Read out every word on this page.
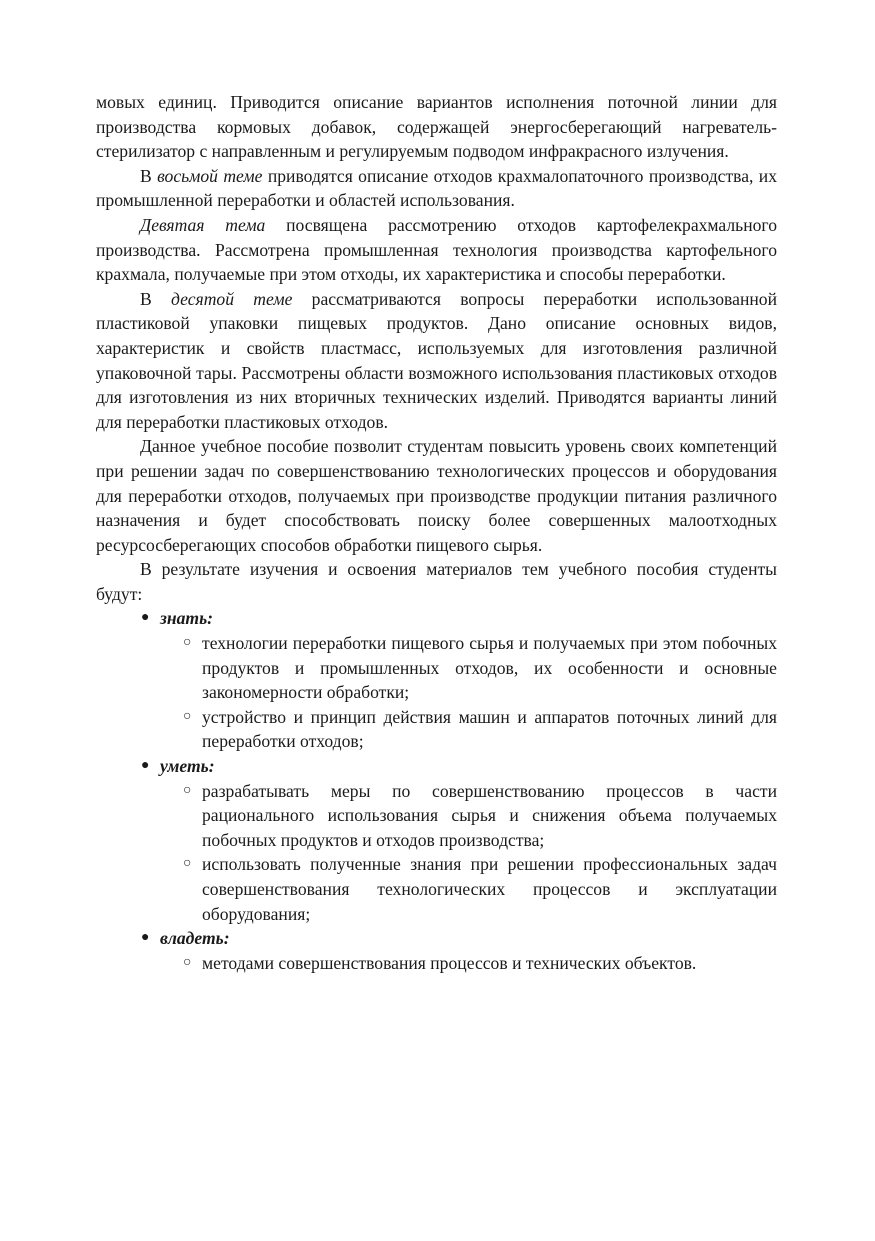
мовых единиц. Приводится описание вариантов исполнения поточной линии для производства кормовых добавок, содержащей энергосберегающий нагреватель-стерилизатор с направленным и регулируемым подводом инфракрасного излучения.

В восьмой теме приводятся описание отходов крахмалопаточного производства, их промышленной переработки и областей использования.

Девятая тема посвящена рассмотрению отходов картофелекрахмального производства. Рассмотрена промышленная технология производства картофельного крахмала, получаемые при этом отходы, их характеристика и способы переработки.

В десятой теме рассматриваются вопросы переработки использованной пластиковой упаковки пищевых продуктов. Дано описание основных видов, характеристик и свойств пластмасс, используемых для изготовления различной упаковочной тары. Рассмотрены области возможного использования пластиковых отходов для изготовления из них вторичных технических изделий. Приводятся варианты линий для переработки пластиковых отходов.

Данное учебное пособие позволит студентам повысить уровень своих компетенций при решении задач по совершенствованию технологических процессов и оборудования для переработки отходов, получаемых при производстве продукции питания различного назначения и будет способствовать поиску более совершенных малоотходных ресурсосберегающих способов обработки пищевого сырья.

В результате изучения и освоения материалов тем учебного пособия студенты будут:

● знать:
○ технологии переработки пищевого сырья и получаемых при этом побочных продуктов и промышленных отходов, их особенности и основные закономерности обработки;
○ устройство и принцип действия машин и аппаратов поточных линий для переработки отходов;
● уметь:
○ разрабатывать меры по совершенствованию процессов в части рационального использования сырья и снижения объема получаемых побочных продуктов и отходов производства;
○ использовать полученные знания при решении профессиональных задач совершенствования технологических процессов и эксплуатации оборудования;
● владеть:
○ методами совершенствования процессов и технических объектов.
